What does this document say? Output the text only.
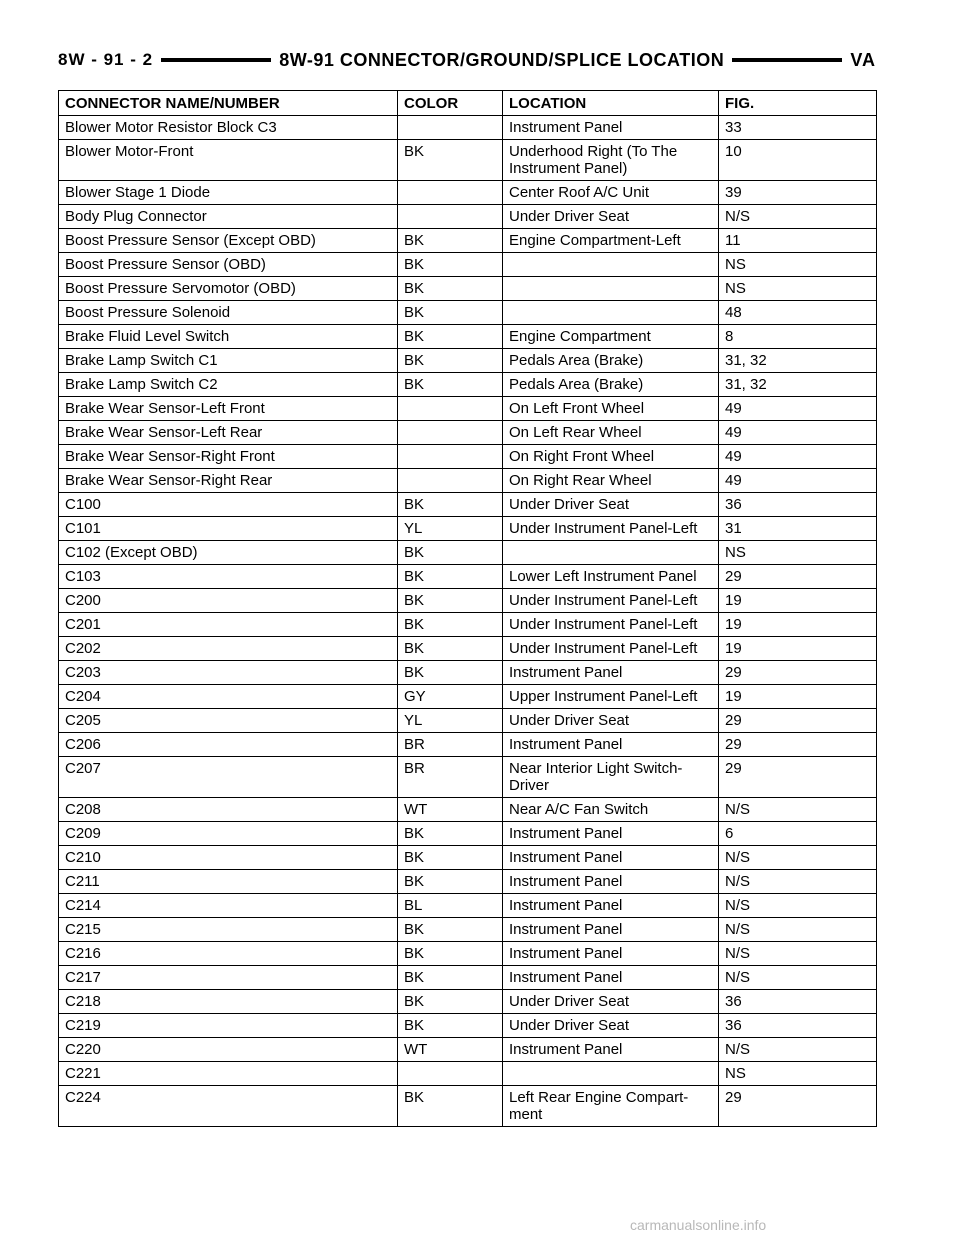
8W - 91 - 2	8W-91 CONNECTOR/GROUND/SPLICE LOCATION	VA
CONNECTOR NAME/NUMBER	COLOR	LOCATION	FIG.
Blower Motor Resistor Block C3		Instrument Panel	33
Blower Motor-Front	BK	Underhood Right (To The Instrument Panel)	10
Blower Stage 1 Diode		Center Roof A/C Unit	39
Body Plug Connector		Under Driver Seat	N/S
Boost Pressure Sensor (Except OBD)	BK	Engine Compartment-Left	11
Boost Pressure Sensor (OBD)	BK		NS
Boost Pressure Servomotor (OBD)	BK		NS
Boost Pressure Solenoid	BK		48
Brake Fluid Level Switch	BK	Engine Compartment	8
Brake Lamp Switch C1	BK	Pedals Area (Brake)	31, 32
Brake Lamp Switch C2	BK	Pedals Area (Brake)	31, 32
Brake Wear Sensor-Left Front		On Left Front Wheel	49
Brake Wear Sensor-Left Rear		On Left Rear Wheel	49
Brake Wear Sensor-Right Front		On Right Front Wheel	49
Brake Wear Sensor-Right Rear		On Right Rear Wheel	49
C100	BK	Under Driver Seat	36
C101	YL	Under Instrument Panel-Left	31
C102 (Except OBD)	BK		NS
C103	BK	Lower Left Instrument Panel	29
C200	BK	Under Instrument Panel-Left	19
C201	BK	Under Instrument Panel-Left	19
C202	BK	Under Instrument Panel-Left	19
C203	BK	Instrument Panel	29
C204	GY	Upper Instrument Panel-Left	19
C205	YL	Under Driver Seat	29
C206	BR	Instrument Panel	29
C207	BR	Near Interior Light Switch-Driver	29
C208	WT	Near A/C Fan Switch	N/S
C209	BK	Instrument Panel	6
C210	BK	Instrument Panel	N/S
C211	BK	Instrument Panel	N/S
C214	BL	Instrument Panel	N/S
C215	BK	Instrument Panel	N/S
C216	BK	Instrument Panel	N/S
C217	BK	Instrument Panel	N/S
C218	BK	Under Driver Seat	36
C219	BK	Under Driver Seat	36
C220	WT	Instrument Panel	N/S
C221			NS
C224	BK	Left Rear Engine Compart-ment	29
carmanualsonline.info
